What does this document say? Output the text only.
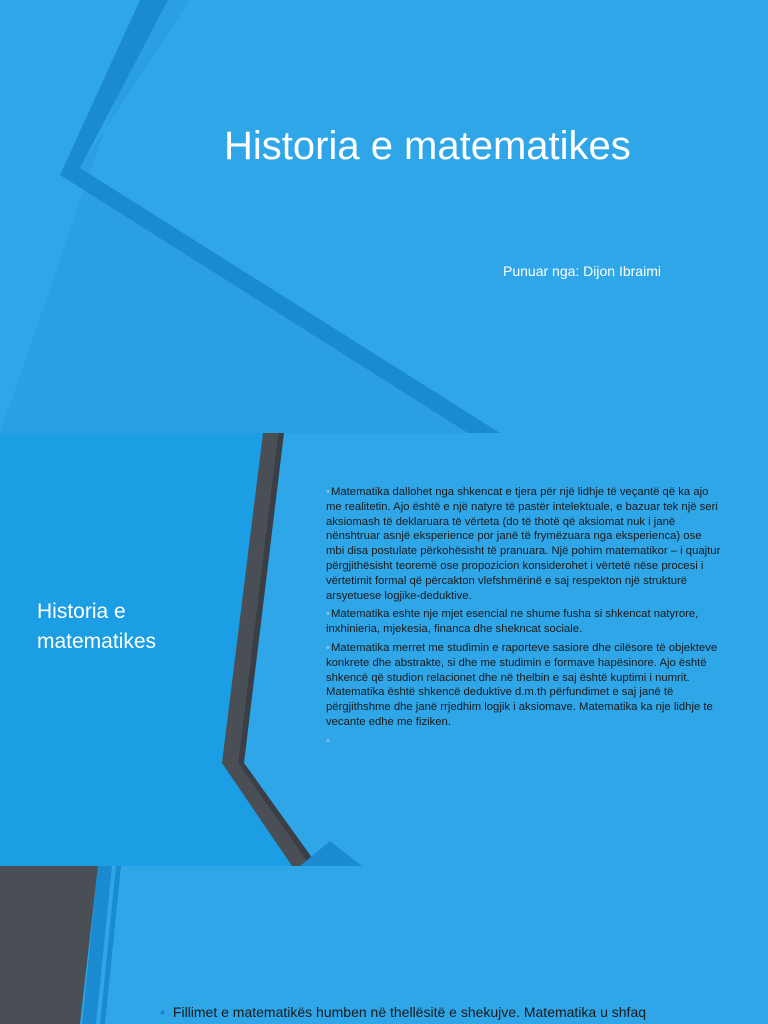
Historia e matematikes
Punuar nga: Dijon Ibraimi
Historia e matematikes

•Matematika dallohet nga shkencat e tjera për një lidhje të veçantë që ka ajo me realitetin. Ajo është e një natyre të pastër intelektuale, e bazuar tek një seri aksiomash të deklaruara të vërteta (do të thotë që aksiomat nuk i janë nënshtruar asnjë eksperience por janë të frymëzuara nga eksperienca) ose mbi disa postulate përkohësisht të pranuara. Një pohim matematikor – i quajtur përgjithësisht teoremë ose propozicion konsiderohet i vërtetë nëse procesi i vërtetimit formal që përcakton vlefshmërinë e saj respekton një strukturë arsyetuese logjike-deduktive.

•Matematika eshte nje mjet esencial ne shume fusha si shkencat natyrore, inxhinieria, mjekesia, financa dhe shekncat sociale.

•Matematika merret me studimin e raporteve sasiore dhe cilësore të objekteve konkrete dhe abstrakte, si dhe me studimin e formave hapësinore. Ajo është shkencë që studion relacionet dhe në thelbin e saj është kuptimi i numrit. Matematika është shkencë deduktive d.m.th përfundimet e saj janë të përgjithshme dhe janë rrjedhim logjik i aksiomave. Matematika ka nje lidhje te vecante edhe me fiziken.

•

• Fillimet e matematikës humben në thellësitë e shekujve. Matematika u shfaq
